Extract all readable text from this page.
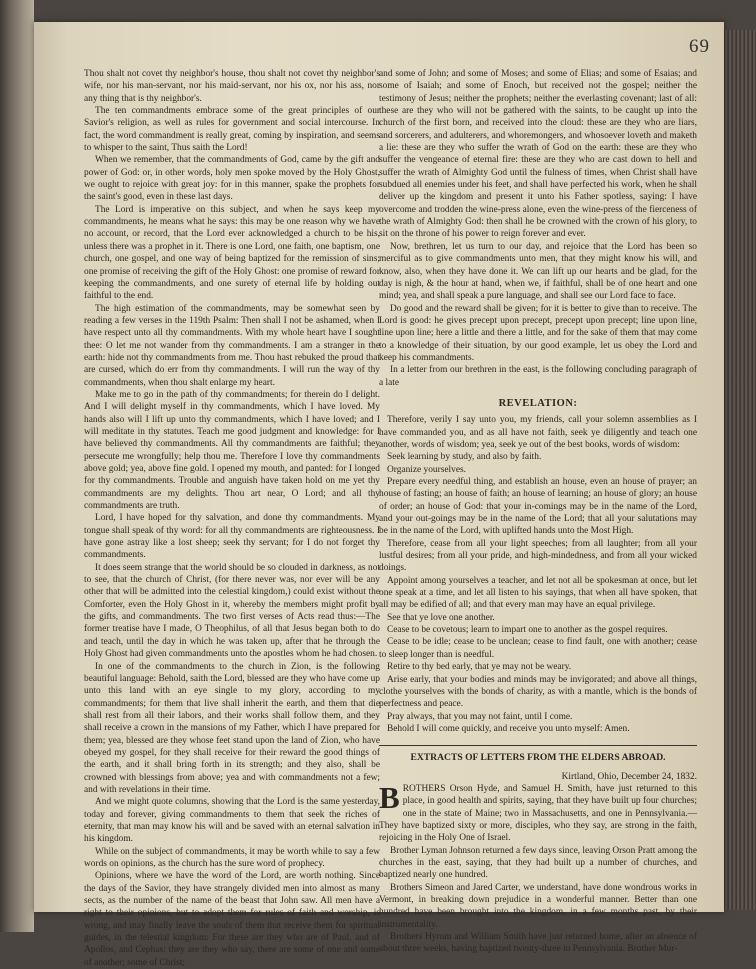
69

Thou shalt not covet thy neighbor's house, thou shalt not covet thy neighbor's wife, nor his man-servant, nor his maid-servant, nor his ox, nor his ass, nor any thing that is thy neighbor's.

The ten commandments embrace some of the great principles of our Savior's religion, as well as rules for government and social intercourse. In fact, the word commandment is really great, coming by inspiration, and seems to whisper to the saint, Thus saith the Lord!

When we remember, that the commandments of God, came by the gift and power of God: or, in other words, holy men spoke moved by the Holy Ghost, we ought to rejoice with great joy: for in this manner, spake the prophets for the saint's good, even in these last days.

The Lord is imperative on this subject, and when he says keep my commandments, he means what he says: this may be one reason why we have no account, or record, that the Lord ever acknowledged a church to be his, unless there was a prophet in it. There is one Lord, one faith, one baptism, one church, one gospel, and one way of being baptized for the remission of sins; one promise of receiving the gift of the Holy Ghost: one promise of reward for keeping the commandments, and one surety of eternal life by holding out faithful to the end.

The high estimation of the commandments, may be somewhat seen by reading a few verses in the 119th Psalm: Then shall I not be ashamed, when I have respect unto all thy commandments. With my whole heart have I sought thee: O let me not wander from thy commandments. I am a stranger in the earth: hide not thy commandments from me. Thou hast rebuked the proud that are cursed, which do err from thy commandments. I will run the way of thy commandments, when thou shalt enlarge my heart.

Make me to go in the path of thy commandments; for therein do I delight. And I will delight myself in thy commandments, which I have loved. My hands also will I lift up unto thy commandments, which I have loved; and I will meditate in thy statutes. Teach me good judgment and knowledge: for I have believed thy commandments. All thy commandments are faithful; they persecute me wrongfully; help thou me. Therefore I love thy commandments above gold; yea, above fine gold. I opened my mouth, and panted: for I longed for thy commandments. Trouble and anguish have taken hold on me yet thy commandments are my delights. Thou art near, O Lord; and all thy commandments are truth.

Lord, I have hoped for thy salvation, and done thy commandments. My tongue shall speak of thy word: for all thy commandments are righteousness. I have gone astray like a lost sheep; seek thy servant; for I do not forget thy commandments.

It does seem strange that the world should be so clouded in darkness, as not to see, that the church of Christ, (for there never was, nor ever will be any other that will be admitted into the celestial kingdom,) could exist without the Comforter, even the Holy Ghost in it, whereby the members might profit by the gifts, and commandments. The two first verses of Acts read thus:—The former treatise have I made, O Theophilus, of all that Jesus began both to do and teach, until the day in which he was taken up, after that he through the Holy Ghost had given commandments unto the apostles whom he had chosen.

In one of the commandments to the church in Zion, is the following beautiful language: Behold, saith the Lord, blessed are they who have come up unto this land with an eye single to my glory, according to my commandments; for them that live shall inherit the earth, and them that die shall rest from all their labors, and their works shall follow them, and they shall receive a crown in the mansions of my Father, which I have prepared for them; yea, blessed are they whose feet stand upon the land of Zion, who have obeyed my gospel, for they shall receive for their reward the good things of the earth, and it shall bring forth in its strength; and they also, shall be crowned with blessings from above; yea and with commandments not a few; and with revelations in their time.

And we might quote columns, showing that the Lord is the same yesterday, today and forever, giving commandments to them that seek the riches of eternity, that man may know his will and be saved with an eternal salvation in his kingdom.

While on the subject of commandments, it may be worth while to say a few words on opinions, as the church has the sure word of prophecy.

Opinions, where we have the word of the Lord, are worth nothing. Since the days of the Savior, they have strangely divided men into almost as many sects, as the number of the name of the beast that John saw. All men have a right to their opinions, but to adopt them for rules of faith and worship, is wrong, and may finally leave the souls of them that receive them for spiritual guides, in the telestial kingdom: For these are they who are of Paul, and of Apollos, and Cephas: they are they who say, there are some of one and some of another; some of Christ;

and some of John; and some of Moses; and some of Elias; and some of Esaias; and some of Isaiah; and some of Enoch, but received not the gospel; neither the testimony of Jesus; neither the prophets; neither the everlasting covenant; last of all: these are they who will not be gathered with the saints, to be caught up into the church of the first born, and received into the cloud: these are they who are liars, and sorcerers, and adulterers, and whoremongers, and whosoever loveth and maketh a lie: these are they who suffer the wrath of God on the earth: these are they who suffer the vengeance of eternal fire: these are they who are cast down to hell and suffer the wrath of Almighty God until the fulness of times, when Christ shall have subdued all enemies under his feet, and shall have perfected his work, when he shall deliver up the kingdom and present it unto his Father spotless, saying: I have overcome and trodden the wine-press alone, even the wine-press of the fierceness of the wrath of Almighty God: then shall he be crowned with the crown of his glory, to sit on the throne of his power to reign forever and ever.

Now, brethren, let us turn to our day, and rejoice that the Lord has been so merciful as to give commandments unto men, that they might know his will, and know, also, when they have done it. We can lift up our hearts and be glad, for the day is nigh, & the hour at hand, when we, if faithful, shall be of one heart and one mind; yea, and shall speak a pure language, and shall see our Lord face to face.

Do good and the reward shall be given; for it is better to give than to receive. The Lord is good: he gives precept upon precept, precept upon precept; line upon line, line upon line; here a little and there a little, and for the sake of them that may come to a knowledge of their situation, by our good example, let us obey the Lord and keep his commandments.

In a letter from our brethren in the east, is the following concluding paragraph of a late

REVELATION:

Therefore, verily I say unto you, my friends, call your solemn assemblies as I have commanded you, and as all have not faith, seek ye diligently and teach one another, words of wisdom; yea, seek ye out of the best books, words of wisdom:

Seek learning by study, and also by faith.

Organize yourselves.

Prepare every needful thing, and establish an house, even an house of prayer; an house of fasting; an house of faith; an house of learning; an house of glory; an house of order; an house of God: that your in-comings may be in the name of the Lord, and your out-goings may be in the name of the Lord; that all your salutations may be in the name of the Lord, with uplifted hands unto the Most High.

Therefore, cease from all your light speeches; from all laughter; from all your lustful desires; from all your pride, and high-mindedness, and from all your wicked doings.

Appoint among yourselves a teacher, and let not all be spokesman at once, but let one speak at a time, and let all listen to his sayings, that when all have spoken, that all may be edified of all; and that every man may have an equal privilege.

See that ye love one another.

Cease to be covetous; learn to impart one to another as the gospel requires.

Cease to be idle; cease to be unclean; cease to find fault, one with another; cease to sleep longer than is needful.

Retire to thy bed early, that ye may not be weary.

Arise early, that your bodies and minds may be invigorated; and above all things, clothe yourselves with the bonds of charity, as with a mantle, which is the bonds of perfectness and peace.

Pray always, that you may not faint, until I come.

Behold I will come quickly, and receive you unto myself: Amen.

EXTRACTS OF LETTERS FROM THE ELDERS ABROAD.

Kirtland, Ohio, December 24, 1832.

BROTHERS Orson Hyde, and Samuel H. Smith, have just returned to this place, in good health and spirits, saying, that they have built up four churches; one in the state of Maine; two in Massachusetts, and one in Pennsylvania.—They have baptized sixty or more, disciples, who they say, are strong in the faith, rejoicing in the Holy One of Israel.

Brother Lyman Johnson returned a few days since, leaving Orson Pratt among the churches in the east, saying, that they had built up a number of churches, and baptized nearly one hundred.

Brothers Simeon and Jared Carter, we understand, have done wondrous works in Vermont, in breaking down prejudice in a wonderful manner. Better than one hundred have been brought into the kingdom, in a few months past, by their instrumentality.

Brothers Hyrum and William Smith have just returned home, after an absence of about three weeks, having baptized twenty-three in Pennsylvania. Brother Mur-
